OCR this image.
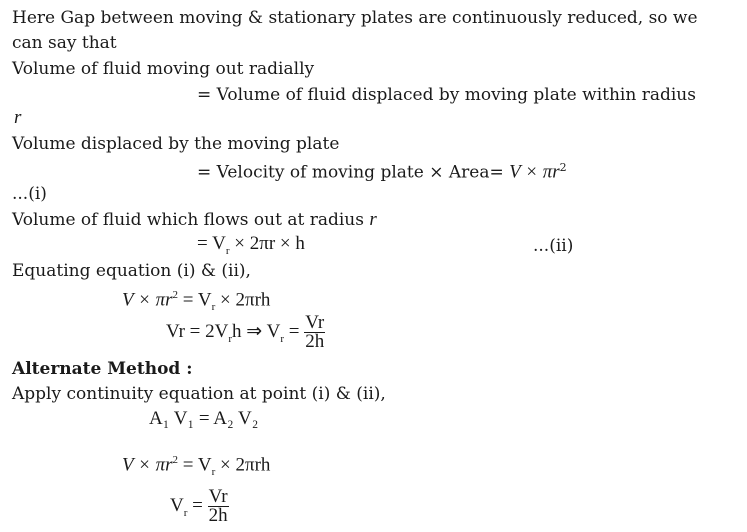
Here Gap between moving & stationary plates are continuously reduced, so we
can say that
Volume of fluid moving out radially
= Volume of fluid displaced by moving plate within radius
r
Volume displaced by the moving plate
= Velocity of moving plate × Area= $V \times \pi r^2$
...(i)
Volume of fluid which flows out at radius r
= $V_r \times 2\pi r \times h$	...(ii)
Equating equation (i) & (ii),
$V \times \pi r^2 = V_r \times 2\pi rh$
$Vr = 2V_rh$ ⇒ $V_r = \frac{Vr}{2h}$
Alternate Method :
Apply continuity equation at point (i) & (ii),
A₁ V₁ = A₂ V₂
$V \times \pi r^2 = V_r \times 2\pi rh$
$V_r = \frac{Vr}{2h}$
